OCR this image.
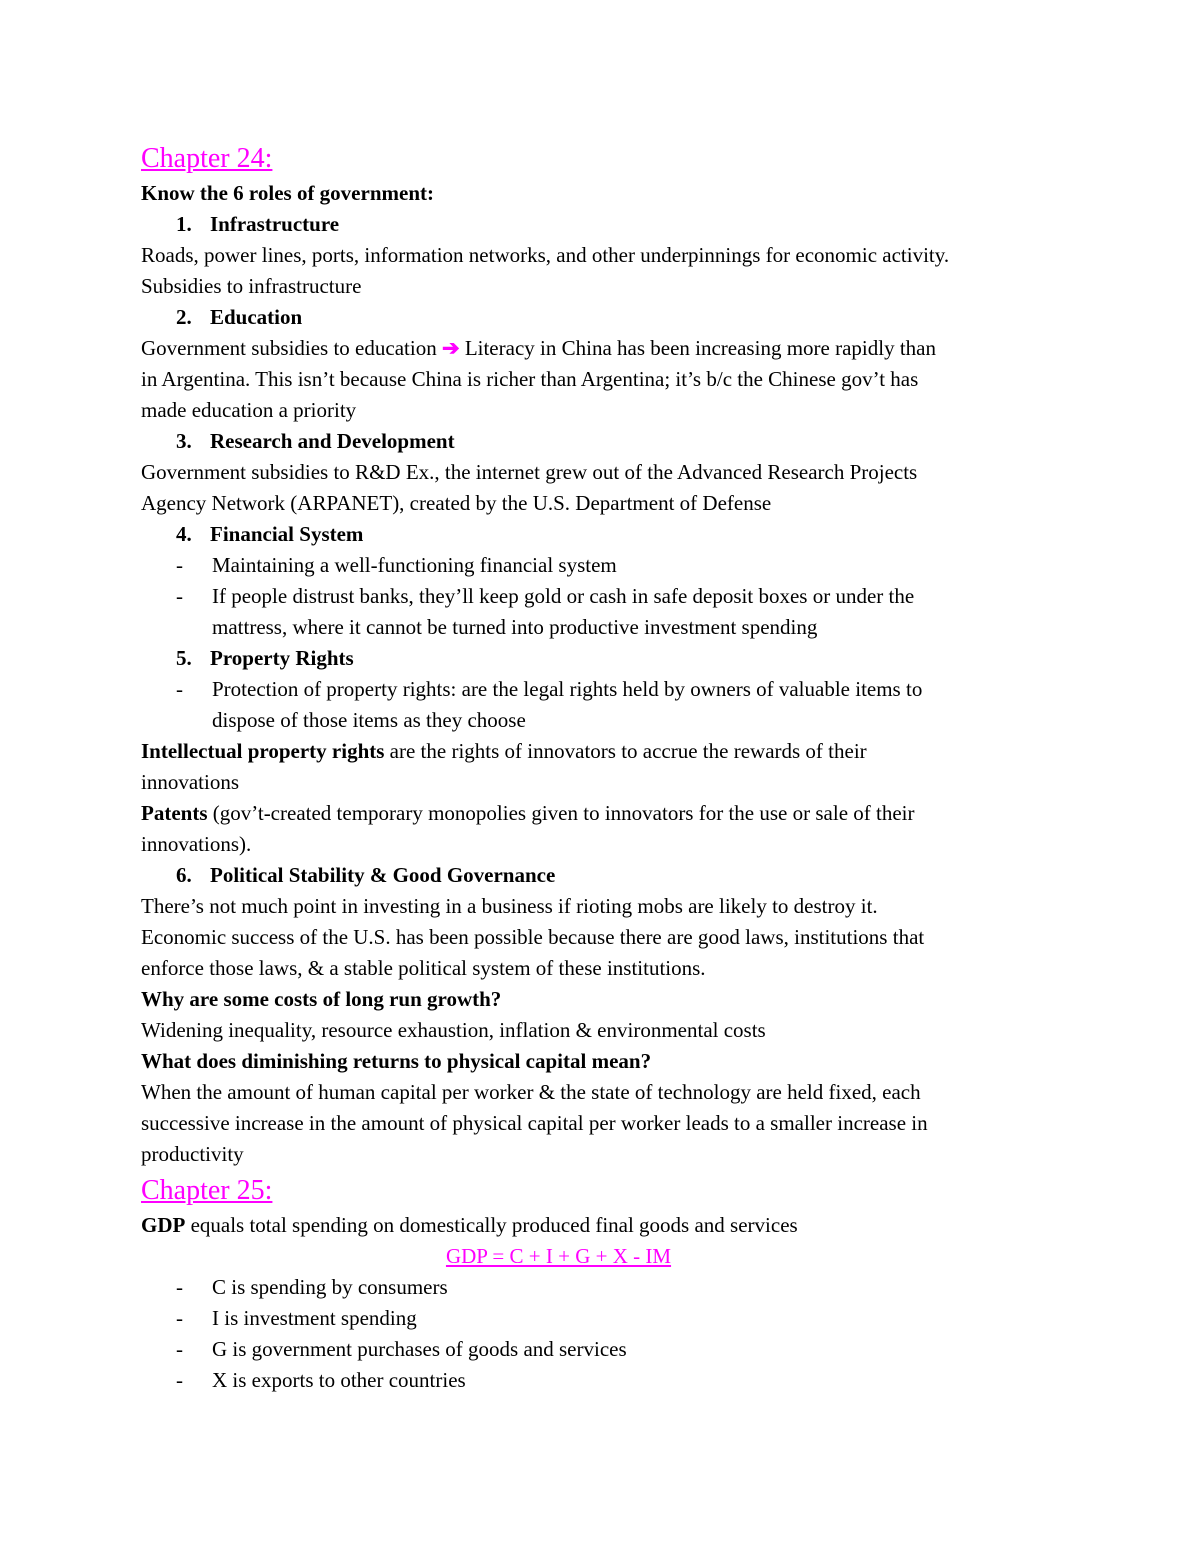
Chapter 24:
Know the 6 roles of government:
1. Infrastructure
Roads, power lines, ports, information networks, and other underpinnings for economic activity.
Subsidies to infrastructure
2. Education
Government subsidies to education ➔ Literacy in China has been increasing more rapidly than
in Argentina. This isn’t because China is richer than Argentina; it’s b/c the Chinese gov’t has
made education a priority
3. Research and Development
Government subsidies to R&D Ex., the internet grew out of the Advanced Research Projects
Agency Network (ARPANET), created by the U.S. Department of Defense
4. Financial System
- Maintaining a well-functioning financial system
- If people distrust banks, they’ll keep gold or cash in safe deposit boxes or under the
mattress, where it cannot be turned into productive investment spending
5. Property Rights
- Protection of property rights: are the legal rights held by owners of valuable items to
dispose of those items as they choose
Intellectual property rights are the rights of innovators to accrue the rewards of their
innovations
Patents (gov’t-created temporary monopolies given to innovators for the use or sale of their
innovations).
6. Political Stability & Good Governance
There’s not much point in investing in a business if rioting mobs are likely to destroy it.
Economic success of the U.S. has been possible because there are good laws, institutions that
enforce those laws, & a stable political system of these institutions.
Why are some costs of long run growth?
Widening inequality, resource exhaustion, inflation & environmental costs
What does diminishing returns to physical capital mean?
When the amount of human capital per worker & the state of technology are held fixed, each
successive increase in the amount of physical capital per worker leads to a smaller increase in
productivity
Chapter 25:
GDP equals total spending on domestically produced final goods and services
GDP = C + I + G + X - IM
- C is spending by consumers
- I is investment spending
- G is government purchases of goods and services
- X is exports to other countries
